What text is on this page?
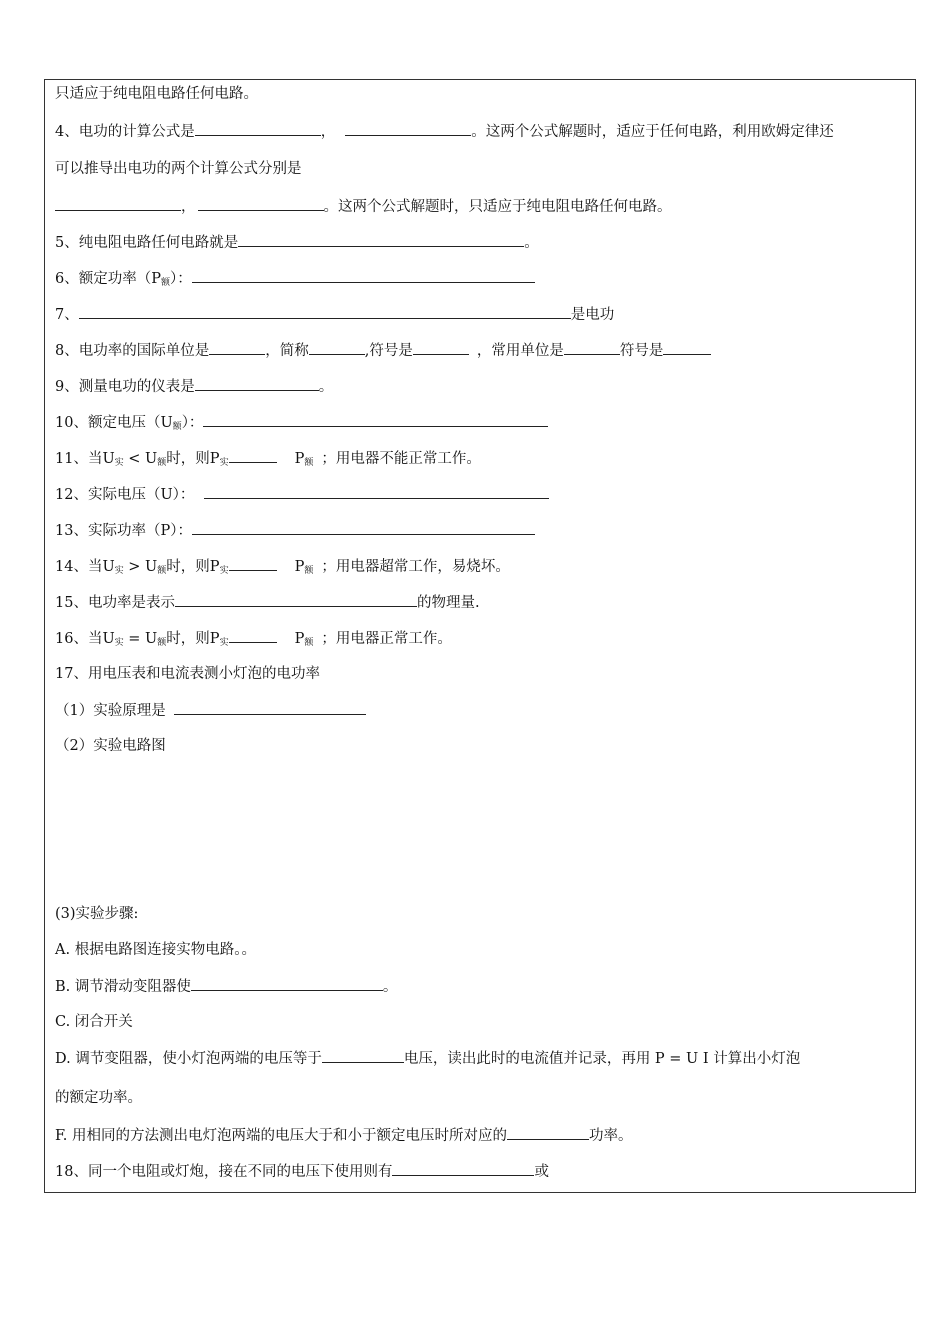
只适应于纯电阻电路任何电路。
4、电功的计算公式是	，	。这两个公式解题时，适应于任何电路，利用欧姆定律还
可以推导出电功的两个计算公式分别是
，	。这两个公式解题时，只适应于纯电阻电路任何电路。
5、纯电阻电路任何电路就是	。
6、额定功率$(P_额)$：
7、	是电功
8、电功率的国际单位是	，简称	,符号是	，常用单位是	符号是
9、测量电功的仪表是	。
10、额定电压$(U_额)$：
11、当$U_实 < U_额$时，则$P_实$	$P_额$ ；用电器不能正常工作。
12、实际电压（U）：
13、实际功率（P）：
14、当$U_实 > U_额$时，则$P_实$	$P_额$ ；用电器超常工作，易烧坏。
15、电功率是表示	的物理量.
16、当$U_实 = U_额$时，则$P_实$	$P_额$ ；用电器正常工作。
17、用电压表和电流表测小灯泡的电功率
（1）实验原理是
（2）实验电路图
(3)实验步骤:
A. 根据电路图连接实物电路。。
B. 调节滑动变阻器使	。
C. 闭合开关
D. 调节变阻器，使小灯泡两端的电压等于	电压，读出此时的电流值并记录，再用 P = U I 计算出小灯泡
的额定功率。
F. 用相同的方法测出电灯泡两端的电压大于和小于额定电压时所对应的	功率。
18、同一个电阻或灯炮，接在不同的电压下使用则有	或
